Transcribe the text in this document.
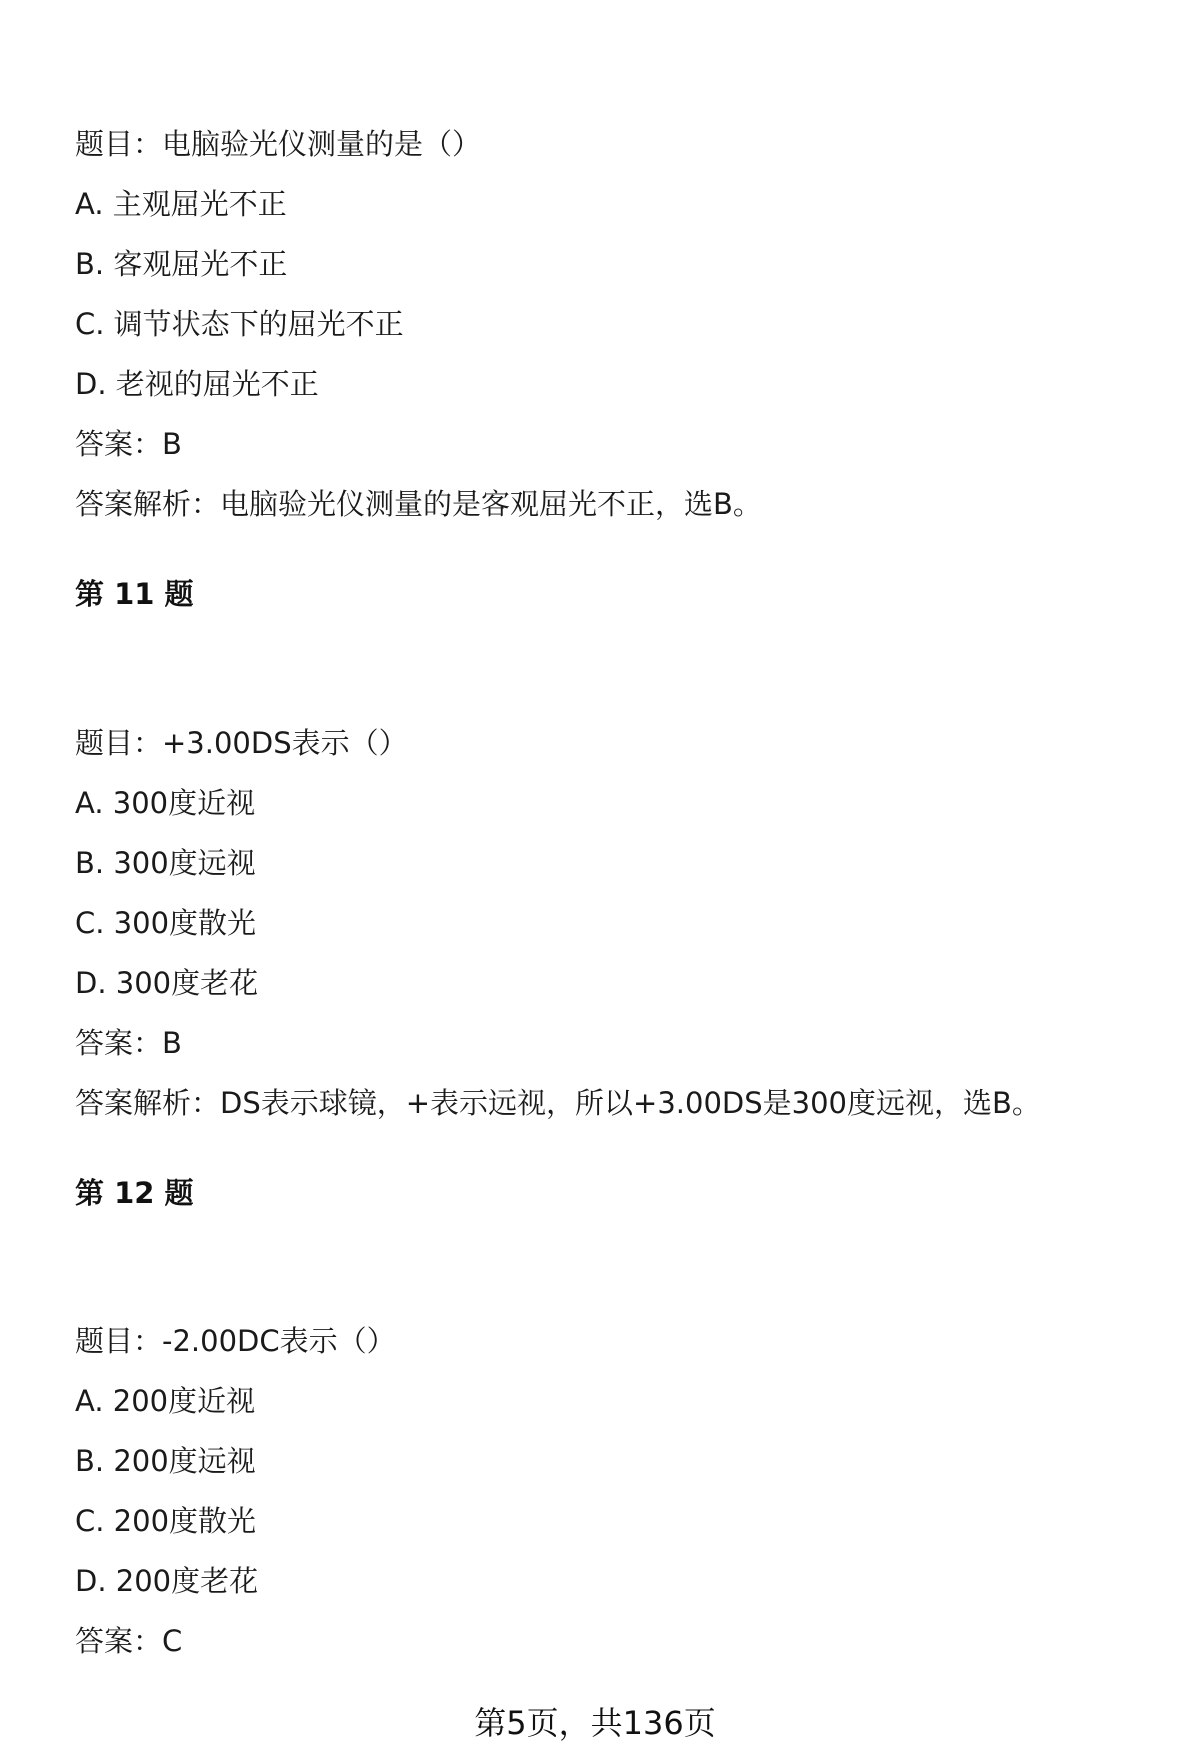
题目：电脑验光仪测量的是（）
A. 主观屈光不正
B. 客观屈光不正
C. 调节状态下的屈光不正
D. 老视的屈光不正
答案：B
答案解析：电脑验光仪测量的是客观屈光不正，选B。
第 11 题
题目：+3.00DS表示（）
A. 300度近视
B. 300度远视
C. 300度散光
D. 300度老花
答案：B
答案解析：DS表示球镜，+表示远视，所以+3.00DS是300度远视，选B。
第 12 题
题目：-2.00DC表示（）
A. 200度近视
B. 200度远视
C. 200度散光
D. 200度老花
答案：C
第5页，共136页
